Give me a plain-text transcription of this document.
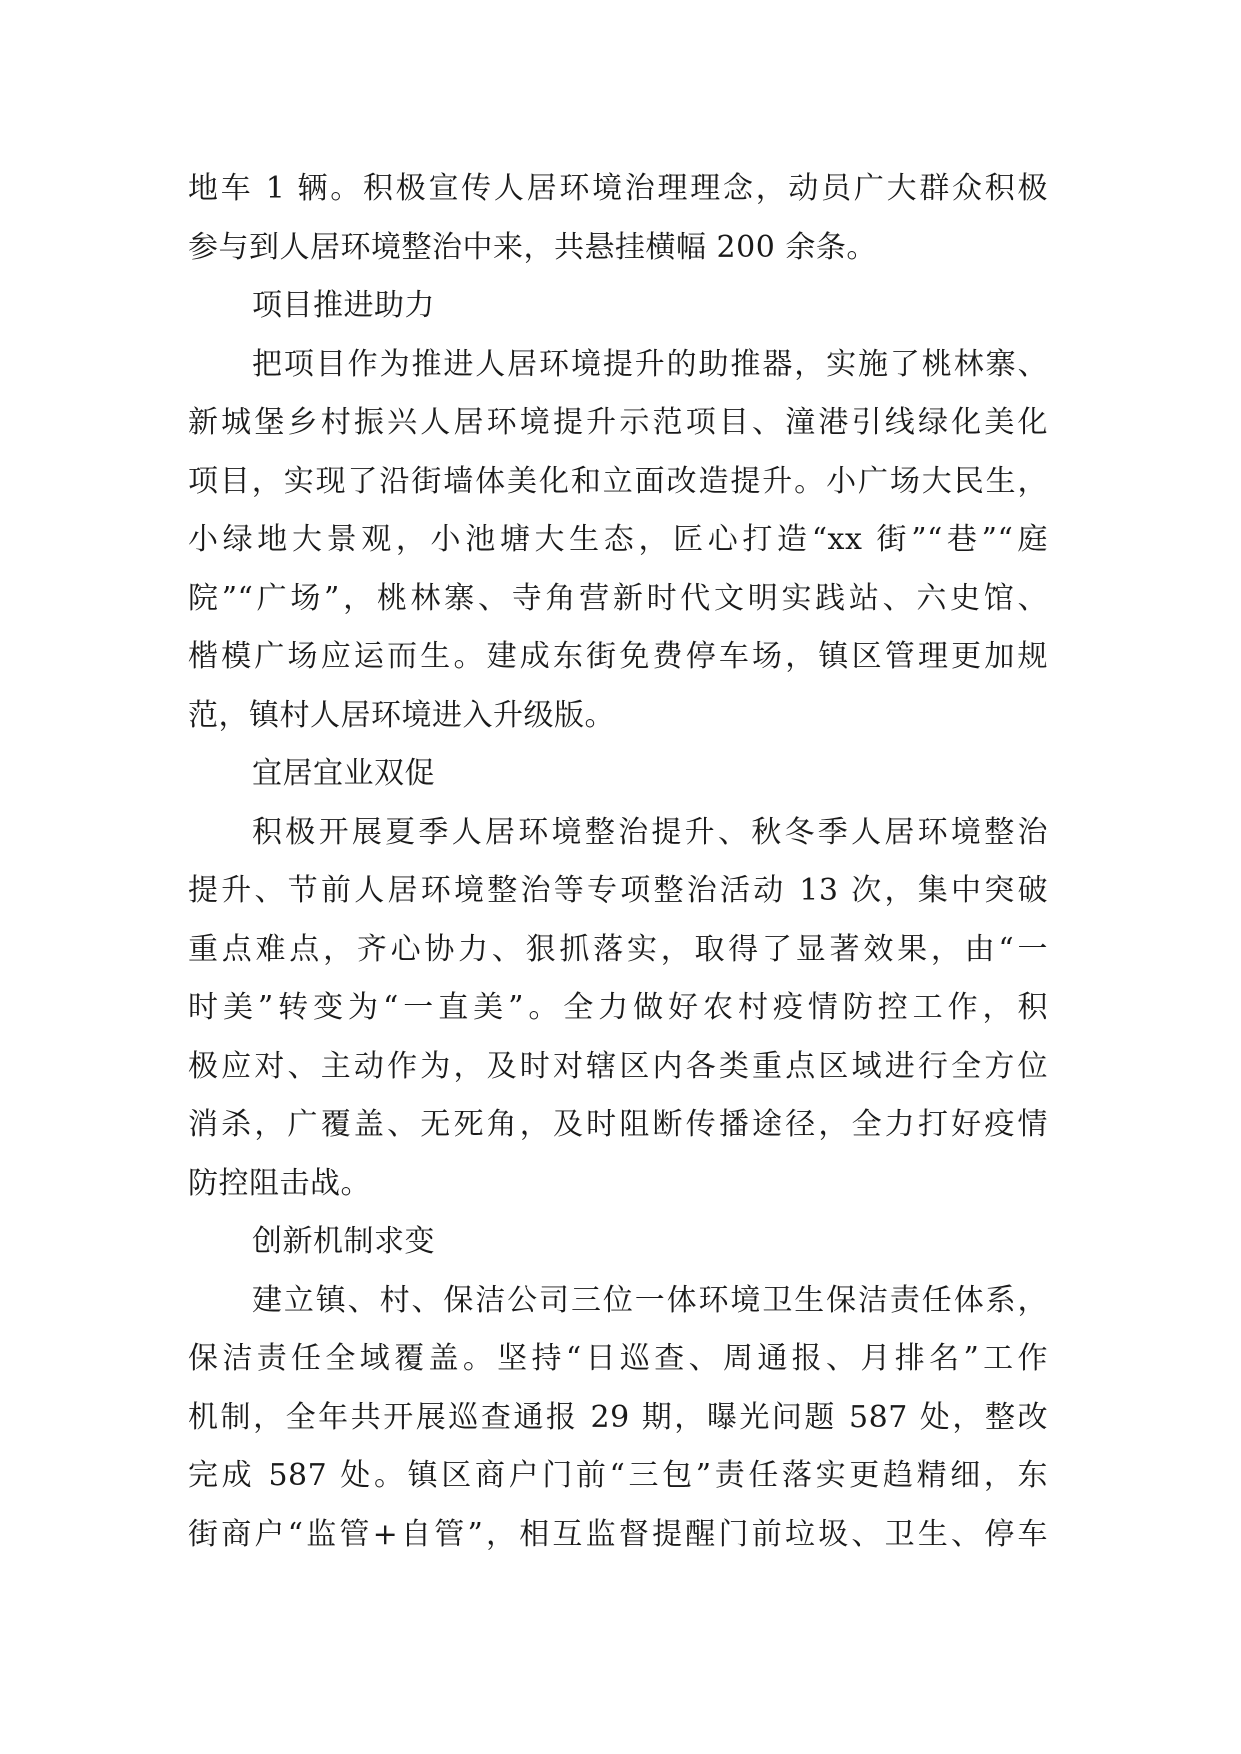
地车 1 辆。积极宣传人居环境治理理念，动员广大群众积极
参与到人居环境整治中来，共悬挂横幅 200 余条。
项目推进助力
把项目作为推进人居环境提升的助推器，实施了桃林寨、
新城堡乡村振兴人居环境提升示范项目、潼港引线绿化美化
项目，实现了沿街墙体美化和立面改造提升。小广场大民生，
小绿地大景观，小池塘大生态，匠心打造“xx 街”“巷”“庭
院”“广场”，桃林寨、寺角营新时代文明实践站、六史馆、
楷模广场应运而生。建成东街免费停车场，镇区管理更加规
范，镇村人居环境进入升级版。
宜居宜业双促
积极开展夏季人居环境整治提升、秋冬季人居环境整治
提升、节前人居环境整治等专项整治活动 13 次，集中突破
重点难点，齐心协力、狠抓落实，取得了显著效果，由“一
时美”转变为“一直美”。全力做好农村疫情防控工作，积
极应对、主动作为，及时对辖区内各类重点区域进行全方位
消杀，广覆盖、无死角，及时阻断传播途径，全力打好疫情
防控阻击战。
创新机制求变
建立镇、村、保洁公司三位一体环境卫生保洁责任体系，
保洁责任全域覆盖。坚持“日巡查、周通报、月排名”工作
机制，全年共开展巡查通报 29 期，曝光问题 587 处，整改
完成 587 处。镇区商户门前“三包”责任落实更趋精细，东
街商户“监管+自管”，相互监督提醒门前垃圾、卫生、停车
